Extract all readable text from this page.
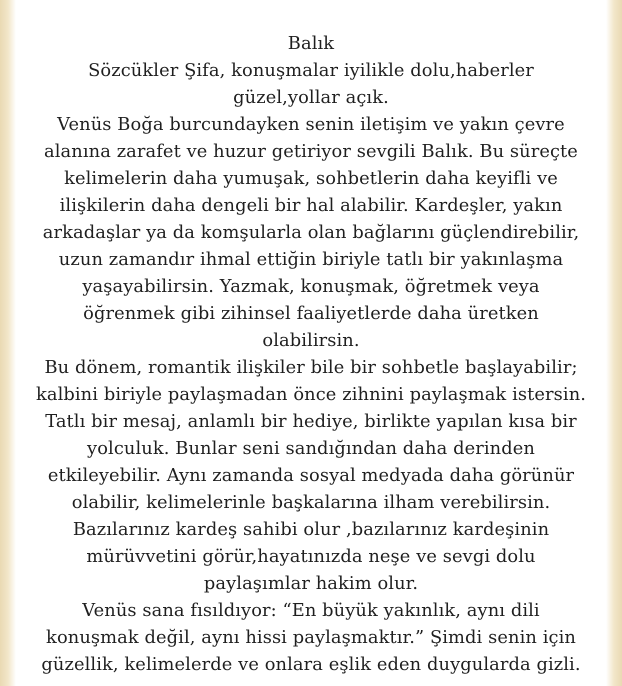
Balık
Sözcükler Şifa, konuşmalar iyilikle dolu,haberler
güzel,yollar açık.
Venüs Boğa burcundayken senin iletişim ve yakın çevre
alanına zarafet ve huzur getiriyor sevgili Balık. Bu süreçte
kelimelerin daha yumuşak, sohbetlerin daha keyifli ve
ilişkilerin daha dengeli bir hal alabilir. Kardeşler, yakın
arkadaşlar ya da komşularla olan bağlarını güçlendirebilir,
uzun zamandır ihmal ettiğin biriyle tatlı bir yakınlaşma
yaşayabilirsin. Yazmak, konuşmak, öğretmek veya
öğrenmek gibi zihinsel faaliyetlerde daha üretken
olabilirsin.
Bu dönem, romantik ilişkiler bile bir sohbetle başlayabilir;
kalbini biriyle paylaşmadan önce zihnini paylaşmak istersin.
Tatlı bir mesaj, anlamlı bir hediye, birlikte yapılan kısa bir
yolculuk. Bunlar seni sandığından daha derinden
etkileyebilir. Aynı zamanda sosyal medyada daha görünür
olabilir, kelimelerinle başkalarına ilham verebilirsin.
Bazılarınız kardeş sahibi olur ,bazılarınız kardeşinin
mürüvvetini görür,hayatınızda neşe ve sevgi dolu
paylaşımlar hakim olur.
Venüs sana fısıldıyor: “En büyük yakınlık, aynı dili
konuşmak değil, aynı hissi paylaşmaktır.” Şimdi senin için
güzellik, kelimelerde ve onlara eşlik eden duygularda gizli.
